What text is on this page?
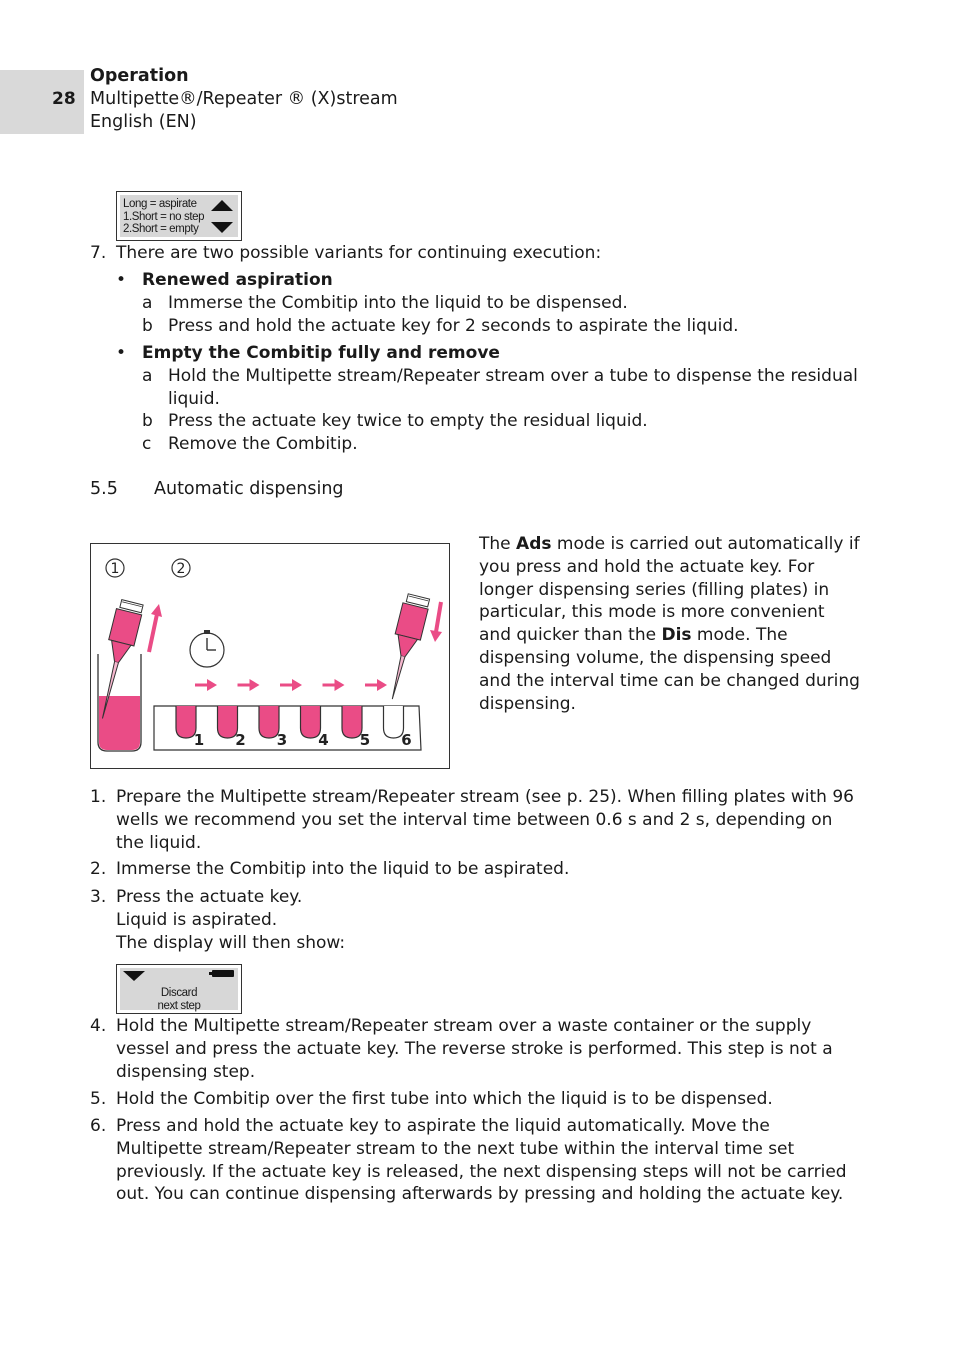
28
Operation
Multipette®/Repeater ® (X)stream
English (EN)
Long = aspirate
1.Short = no step
2.Short = empty
7. There are two possible variants for continuing execution:
• Renewed aspiration
a Immerse the Combitip into the liquid to be dispensed.
b Press and hold the actuate key for 2 seconds to aspirate the liquid.
• Empty the Combitip fully and remove
a Hold the Multipette stream/Repeater stream over a tube to dispense the residual liquid.
b Press the actuate key twice to empty the residual liquid.
c Remove the Combitip.
5.5 Automatic dispensing
1	2
1 2 3 4 5 6
The Ads mode is carried out automatically if you press and hold the actuate key. For longer dispensing series (filling plates) in particular, this mode is more convenient and quicker than the Dis mode. The dispensing volume, the dispensing speed and the interval time can be changed during dispensing.
1. Prepare the Multipette stream/Repeater stream (see p. 25). When filling plates with 96 wells we recommend you set the interval time between 0.6 s and 2 s, depending on the liquid.
2. Immerse the Combitip into the liquid to be aspirated.
3. Press the actuate key.
Liquid is aspirated.
The display will then show:
Discard
next step
4. Hold the Multipette stream/Repeater stream over a waste container or the supply vessel and press the actuate key. The reverse stroke is performed. This step is not a dispensing step.
5. Hold the Combitip over the first tube into which the liquid is to be dispensed.
6. Press and hold the actuate key to aspirate the liquid automatically. Move the Multipette stream/Repeater stream to the next tube within the interval time set previously. If the actuate key is released, the next dispensing steps will not be carried out. You can continue dispensing afterwards by pressing and holding the actuate key.
